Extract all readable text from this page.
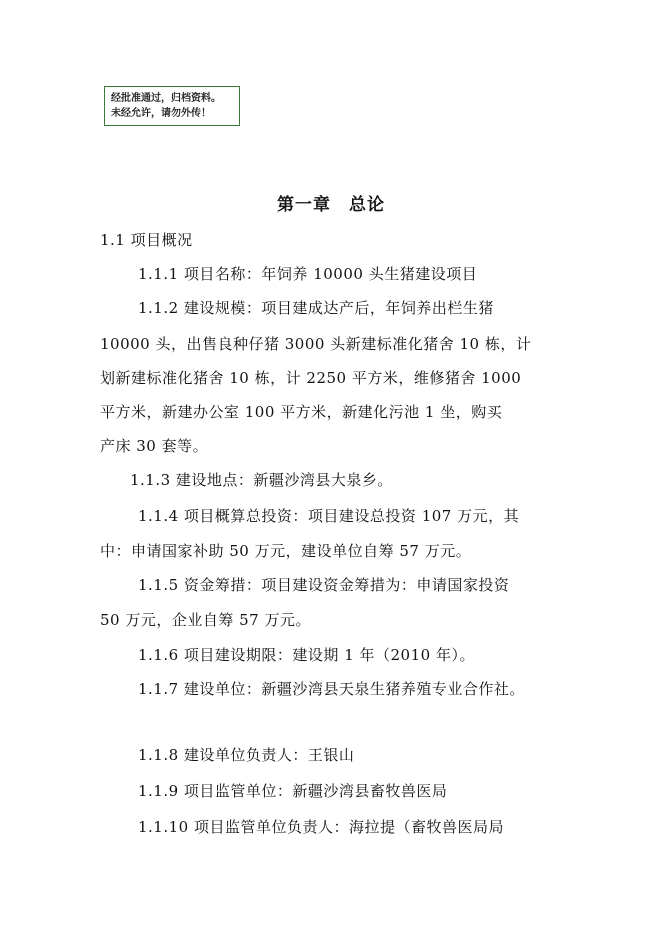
经批准通过，归档资料。
未经允许，请勿外传！
第一章　总论
1.1 项目概况
1.1.1 项目名称：年饲养 10000 头生猪建设项目
1.1.2 建设规模：项目建成达产后，年饲养出栏生猪
10000 头，出售良种仔猪 3000 头新建标准化猪舍 10 栋，计
划新建标准化猪舍 10 栋，计 2250 平方米，维修猪舍 1000
平方米，新建办公室 100 平方米，新建化污池 1 坐，购买
产床 30 套等。
1.1.3 建设地点：新疆沙湾县大泉乡。
1.1.4 项目概算总投资：项目建设总投资 107 万元，其
中：申请国家补助 50 万元，建设单位自筹 57 万元。
1.1.5 资金筹措：项目建设资金筹措为：申请国家投资
50 万元，企业自筹 57 万元。
1.1.6 项目建设期限：建设期 1 年（2010 年）。
1.1.7 建设单位：新疆沙湾县天泉生猪养殖专业合作社。
1.1.8 建设单位负责人：王银山
1.1.9 项目监管单位：新疆沙湾县畜牧兽医局
1.1.10 项目监管单位负责人：海拉提（畜牧兽医局局
